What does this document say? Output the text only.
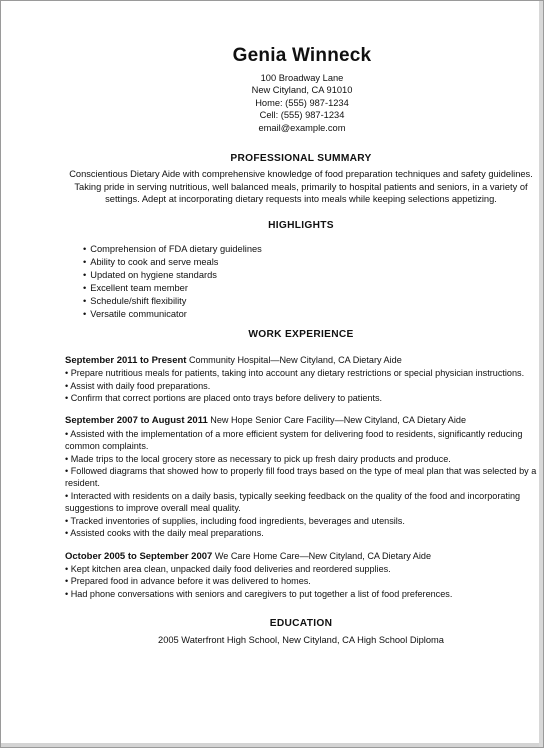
Genia Winneck
100 Broadway Lane
New Cityland, CA 91010
Home: (555) 987-1234
Cell: (555) 987-1234
email@example.com
PROFESSIONAL SUMMARY
Conscientious Dietary Aide with comprehensive knowledge of food preparation techniques and safety guidelines. Taking pride in serving nutritious, well balanced meals, primarily to hospital patients and seniors, in a variety of settings. Adept at incorporating dietary requests into meals while keeping selections appetizing.
HIGHLIGHTS
• Comprehension of FDA dietary guidelines
• Ability to cook and serve meals
• Updated on hygiene standards
• Excellent team member
• Schedule/shift flexibility
• Versatile communicator
WORK EXPERIENCE
September 2011 to Present Community Hospital—New Cityland, CA Dietary Aide
• Prepare nutritious meals for patients, taking into account any dietary restrictions or special physician instructions.
• Assist with daily food preparations.
• Confirm that correct portions are placed onto trays before delivery to patients.
September 2007 to August 2011 New Hope Senior Care Facility—New Cityland, CA Dietary Aide
• Assisted with the implementation of a more efficient system for delivering food to residents, significantly reducing common complaints.
• Made trips to the local grocery store as necessary to pick up fresh dairy products and produce.
• Followed diagrams that showed how to properly fill food trays based on the type of meal plan that was selected by a resident.
• Interacted with residents on a daily basis, typically seeking feedback on the quality of the food and incorporating suggestions to improve overall meal quality.
• Tracked inventories of supplies, including food ingredients, beverages and utensils.
• Assisted cooks with the daily meal preparations.
October 2005 to September 2007 We Care Home Care—New Cityland, CA Dietary Aide
• Kept kitchen area clean, unpacked daily food deliveries and reordered supplies.
• Prepared food in advance before it was delivered to homes.
• Had phone conversations with seniors and caregivers to put together a list of food preferences.
EDUCATION
2005 Waterfront High School, New Cityland, CA High School Diploma
